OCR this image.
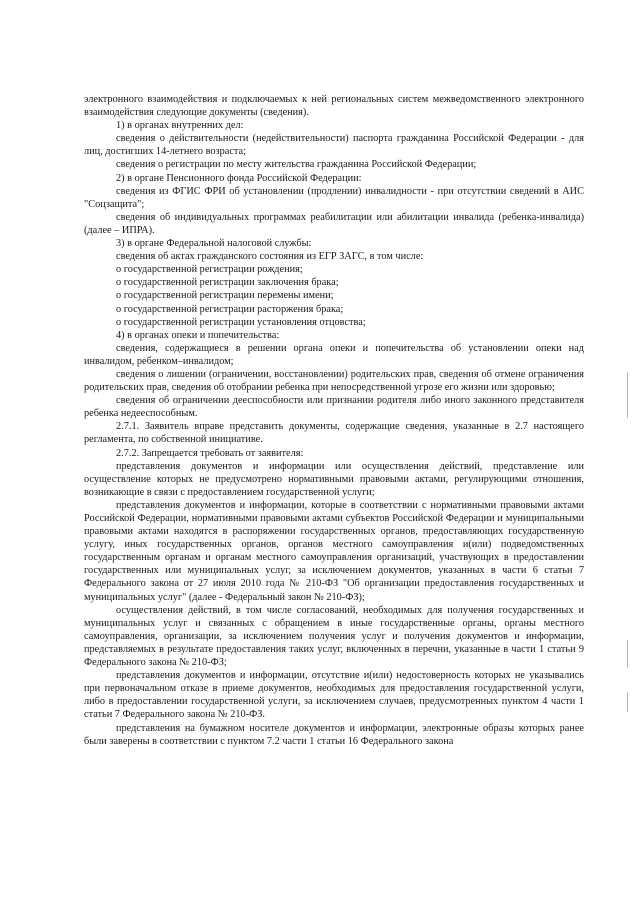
электронного взаимодействия и подключаемых к ней региональных систем межведомственного электронного взаимодействия следующие документы (сведения).

1) в органах внутренних дел:

сведения о действительности (недействительности) паспорта гражданина Российской Федерации - для лиц, достигших 14-летнего возраста;

сведения о регистрации по месту жительства гражданина Российской Федерации;

2) в органе Пенсионного фонда Российской Федерации:

сведения из ФГИС ФРИ об установлении (продлении) инвалидности - при отсутствии сведений в АИС "Соцзащита";

сведения об индивидуальных программах реабилитации или абилитации инвалида (ребенка-инвалида) (далее – ИПРА).

3) в органе Федеральной налоговой службы:

сведения об актах гражданского состояния из ЕГР ЗАГС, в том числе:

о государственной регистрации рождения;

о государственной регистрации заключения брака;

о государственной регистрации перемены имени;

о государственной регистрации расторжения брака;

о государственной регистрации установления отцовства;

4) в органах опеки и попечительства:

сведения, содержащиеся в решении органа опеки и попечительства об установлении опеки над инвалидом, ребенком–инвалидом;

сведения о лишении (ограничении, восстановлении) родительских прав, сведения об отмене ограничения родительских прав, сведения об отобрании ребенка при непосредственной угрозе его жизни или здоровью;

сведения об ограничении дееспособности или признании родителя либо иного законного представителя ребенка недееспособным.

2.7.1. Заявитель вправе представить документы, содержащие сведения, указанные в 2.7 настоящего регламента, по собственной инициативе.

2.7.2. Запрещается требовать от заявителя:

представления документов и информации или осуществления действий, представление или осуществление которых не предусмотрено нормативными правовыми актами, регулирующими отношения, возникающие в связи с предоставлением государственной услуги;

представления документов и информации, которые в соответствии с нормативными правовыми актами Российской Федерации, нормативными правовыми актами субъектов Российской Федерации и муниципальными правовыми актами находятся в распоряжении государственных органов, предоставляющих государственную услугу, иных государственных органов, органов местного самоуправления и(или) подведомственных государственным органам и органам местного самоуправления организаций, участвующих в предоставлении государственных или муниципальных услуг, за исключением документов, указанных в части 6 статьи 7 Федерального закона от 27 июля 2010 года № 210-ФЗ "Об организации предоставления государственных и муниципальных услуг" (далее - Федеральный закон № 210-ФЗ);

осуществления действий, в том числе согласований, необходимых для получения государственных и муниципальных услуг и связанных с обращением в иные государственные органы, органы местного самоуправления, организации, за исключением получения услуг и получения документов и информации, представляемых в результате предоставления таких услуг, включенных в перечни, указанные в части 1 статьи 9 Федерального закона № 210-ФЗ;

представления документов и информации, отсутствие и(или) недостоверность которых не указывались при первоначальном отказе в приеме документов, необходимых для предоставления государственной услуги, либо в предоставлении государственной услуги, за исключением случаев, предусмотренных пунктом 4 части 1 статьи 7 Федерального закона № 210-ФЗ.

представления на бумажном носителе документов и информации, электронные образы которых ранее были заверены в соответствии с пунктом 7.2 части 1 статьи 16 Федерального закона
